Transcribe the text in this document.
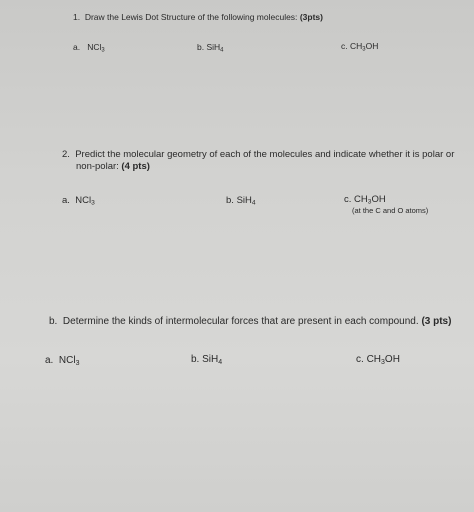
1. Draw the Lewis Dot Structure of the following molecules: (3pts)
a. NCl$_3$	b. SiH$_4$	c. $CH_3OH$
2. Predict the molecular geometry of each of the molecules and indicate whether it is polar or
non-polar: (4 pts)
a. NCl$_3$	b. SiH$_4$	c. $CH_3OH$
(at the C and O atoms)
b. Determine the kinds of intermolecular forces that are present in each compound. (3 pts)
a. NCl$_3$	b. SiH$_4$	c. $CH_3OH$
